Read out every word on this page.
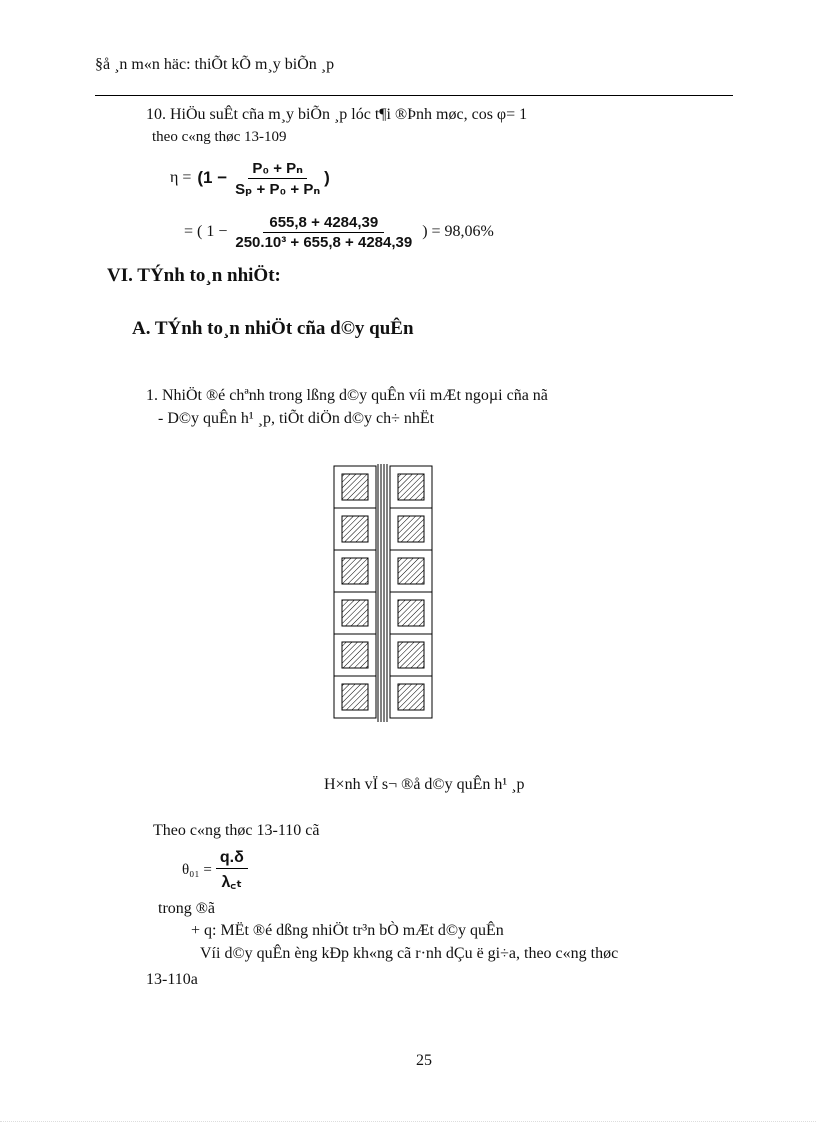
§å ¸n m«n häc: thiÕt kÕ m¸y biÕn ¸p
10. HiÖu suÊt cña m¸y biÕn ¸p lóc t¶i ®Þnh møc, cos φ= 1
theo c«ng thøc 13-109
$\eta = (1 - \frac{\text{P₀ + Pₙ}}{\text{Sₚ + P₀ + Pₙ}}$ )
= ( $1 - \frac{655,8 + 4284,39}{\text{250.10³ + 655,8 + 4284,39}}$ ) = 98,06%
VI. TÝnh to¸n nhiÖt:
A. TÝnh to¸n nhiÖt cña d©y quÊn
1. NhiÖt ®é chªnh trong lßng d©y quÊn víi mÆt ngoµi cña nã
- D©y quÊn h¹ ¸p, tiÕt diÖn d©y ch÷ nhËt
H×nh vÏ s¬ ®å d©y quÊn h¹ ¸p
Theo c«ng thøc 13-110 cã
$\theta_{01} = \frac{q.\delta}{\text{λ꜀ₜ}}$
trong ®ã
+ q: MËt ®é dßng nhiÖt tr³n bÒ mÆt d©y quÊn
Víi d©y quÊn èng kÐp kh«ng cã r·nh dÇu ë gi÷a, theo c«ng thøc
13-110a
25
